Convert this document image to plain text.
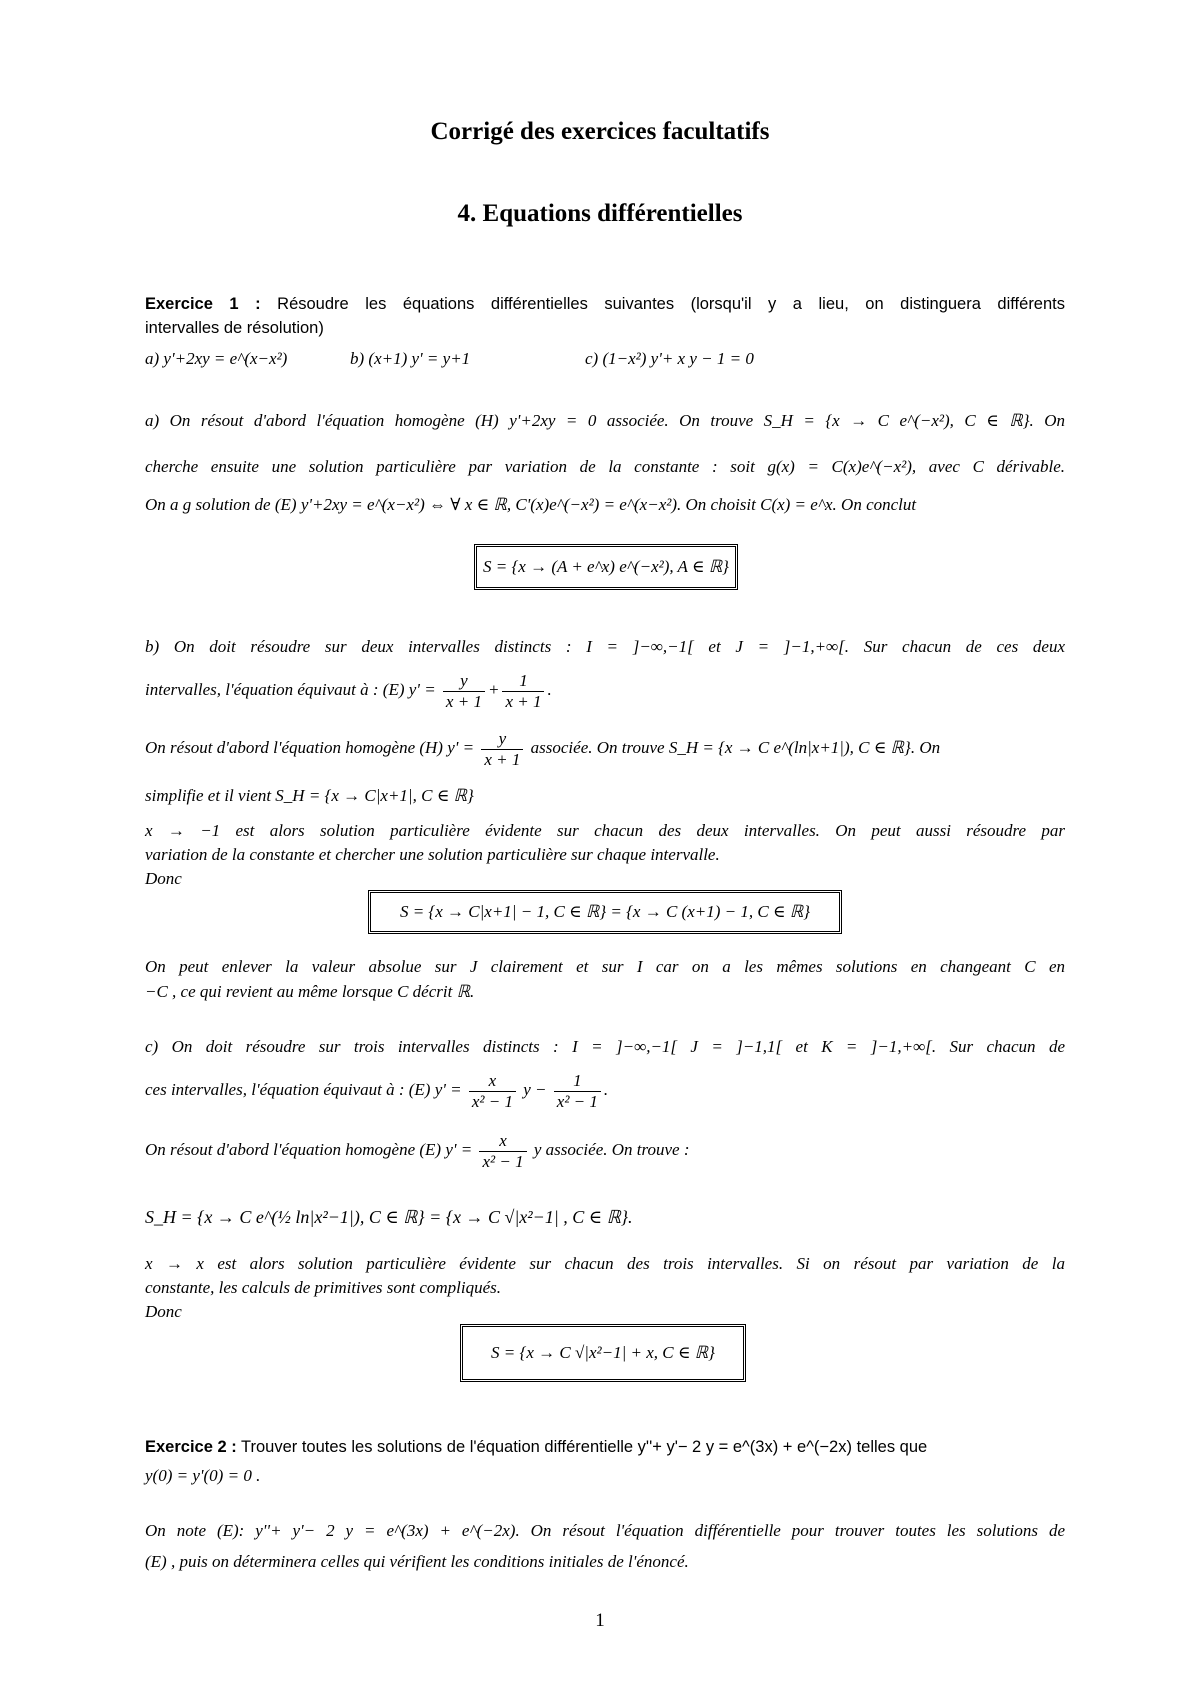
Corrigé des exercices facultatifs
4. Equations différentielles
Exercice 1 : Résoudre les équations différentielles suivantes (lorsqu'il y a lieu, on distinguera différents
intervalles de résolution)
a) y'+2xy = e^(x−x²)	b) (x+1) y' = y+1	c) (1−x²) y'+ x y − 1 = 0
a) On résout d'abord l'équation homogène (H) y'+2xy = 0 associée. On trouve S_H = {x → C e^(−x²), C ∈ ℝ}. On
cherche ensuite une solution particulière par variation de la constante : soit g(x) = C(x)e^(−x²), avec C dérivable.
On a g solution de (E) y'+2xy = e^(x−x²) ⇔ ∀ x ∈ ℝ, C'(x)e^(−x²) = e^(x−x²). On choisit C(x) = e^x. On conclut
S = {x → (A + e^x) e^(−x²), A ∈ ℝ}
b) On doit résoudre sur deux intervalles distincts : I = ]−∞,−1[ et J = ]−1,+∞[. Sur chacun de ces deux
intervalles, l'équation équivaut à : (E) $y' = \frac{y}{x + 1} + \frac{1}{x + 1}$ .
On résout d'abord l'équation homogène (H) $y' = \frac{y}{x + 1}$ associée. On trouve S_H = {x → C e^(ln|x+1|), C ∈ ℝ}. On
simplifie et il vient S_H = {x → C|x+1|, C ∈ ℝ}
x → −1 est alors solution particulière évidente sur chacun des deux intervalles. On peut aussi résoudre par
variation de la constante et chercher une solution particulière sur chaque intervalle.
Donc
S = {x → C|x+1| − 1, C ∈ ℝ} = {x → C (x+1) − 1, C ∈ ℝ}
On peut enlever la valeur absolue sur J clairement et sur I car on a les mêmes solutions en changeant C en
−C , ce qui revient au même lorsque C décrit ℝ.
c) On doit résoudre sur trois intervalles distincts : I = ]−∞,−1[ J = ]−1,1[ et K = ]−1,+∞[. Sur chacun de
ces intervalles, l'équation équivaut à : (E) $y' = \frac{x}{\text{x² − 1}}$ $y - \frac{1}{\text{x² − 1}}$ .
On résout d'abord l'équation homogène (E) $y' = \frac{x}{\text{x² − 1}}$ y associée. On trouve :
S_H = {x → C e^(½ ln|x²−1|), C ∈ ℝ} = {x → C √|x²−1| , C ∈ ℝ}.
x → x est alors solution particulière évidente sur chacun des trois intervalles. Si on résout par variation de la
constante, les calculs de primitives sont compliqués.
Donc
S = {x → C √|x²−1| + x, C ∈ ℝ}
Exercice 2 : Trouver toutes les solutions de l'équation différentielle y''+ y'− 2 y = e^(3x) + e^(−2x) telles que
y(0) = y'(0) = 0 .
On note (E): y''+ y'− 2 y = e^(3x) + e^(−2x). On résout l'équation différentielle pour trouver toutes les solutions de
(E) , puis on déterminera celles qui vérifient les conditions initiales de l'énoncé.
1
